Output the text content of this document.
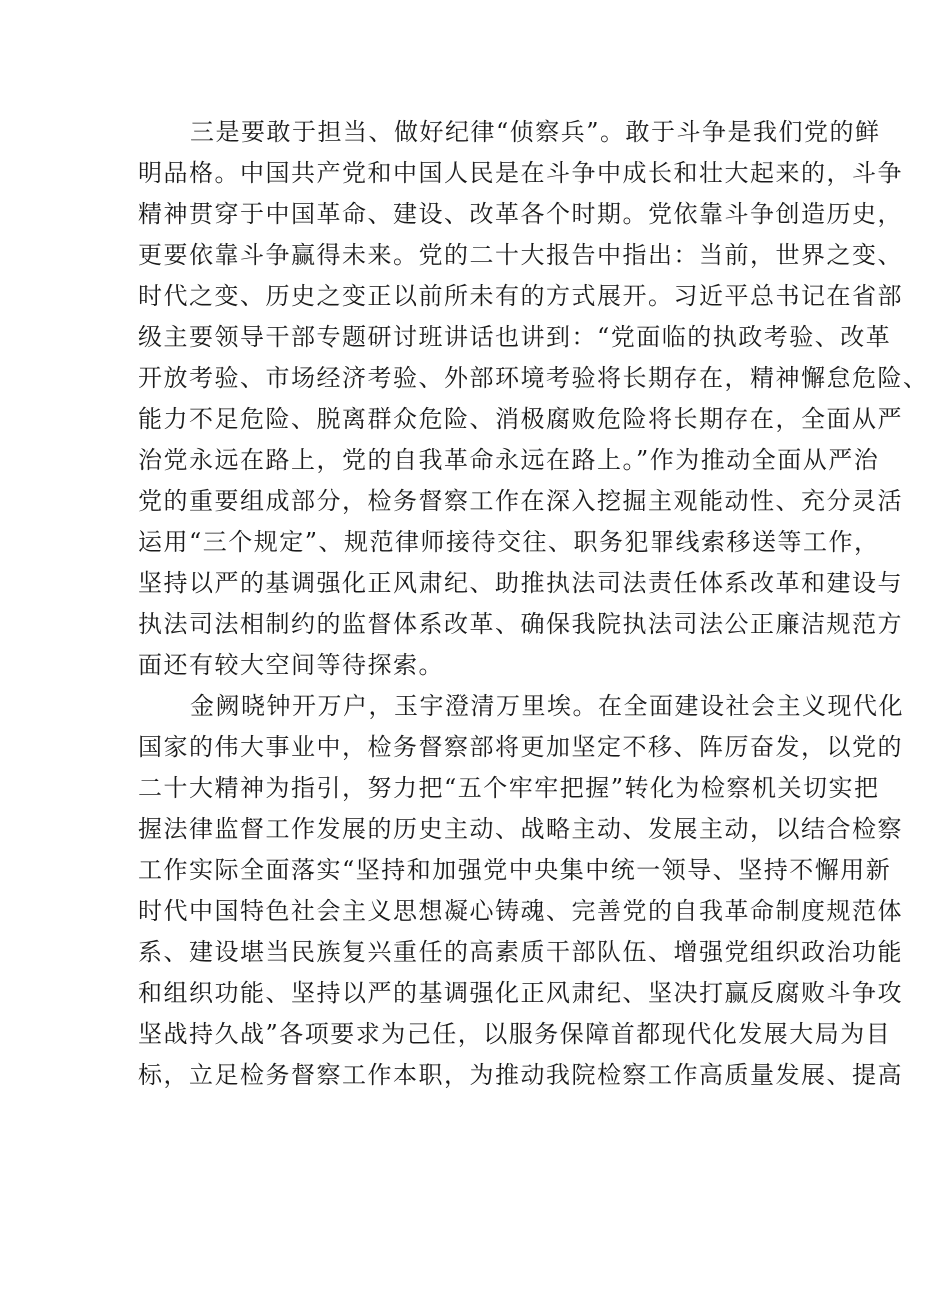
三是要敢于担当、做好纪律“侦察兵”。敢于斗争是我们党的鲜
明品格。中国共产党和中国人民是在斗争中成长和壮大起来的，斗争
精神贯穿于中国革命、建设、改革各个时期。党依靠斗争创造历史，
更要依靠斗争赢得未来。党的二十大报告中指出：当前，世界之变、
时代之变、历史之变正以前所未有的方式展开。习近平总书记在省部
级主要领导干部专题研讨班讲话也讲到：“党面临的执政考验、改革
开放考验、市场经济考验、外部环境考验将长期存在，精神懈怠危险、
能力不足危险、脱离群众危险、消极腐败危险将长期存在，全面从严
治党永远在路上，党的自我革命永远在路上。”作为推动全面从严治
党的重要组成部分，检务督察工作在深入挖掘主观能动性、充分灵活
运用“三个规定”、规范律师接待交往、职务犯罪线索移送等工作，
坚持以严的基调强化正风肃纪、助推执法司法责任体系改革和建设与
执法司法相制约的监督体系改革、确保我院执法司法公正廉洁规范方
面还有较大空间等待探索。
金阙晓钟开万户，玉宇澄清万里埃。在全面建设社会主义现代化
国家的伟大事业中，检务督察部将更加坚定不移、阵厉奋发，以党的
二十大精神为指引，努力把“五个牢牢把握”转化为检察机关切实把
握法律监督工作发展的历史主动、战略主动、发展主动，以结合检察
工作实际全面落实“坚持和加强党中央集中统一领导、坚持不懈用新
时代中国特色社会主义思想凝心铸魂、完善党的自我革命制度规范体
系、建设堪当民族复兴重任的高素质干部队伍、增强党组织政治功能
和组织功能、坚持以严的基调强化正风肃纪、坚决打赢反腐败斗争攻
坚战持久战”各项要求为己任，以服务保障首都现代化发展大局为目
标，立足检务督察工作本职，为推动我院检察工作高质量发展、提高
